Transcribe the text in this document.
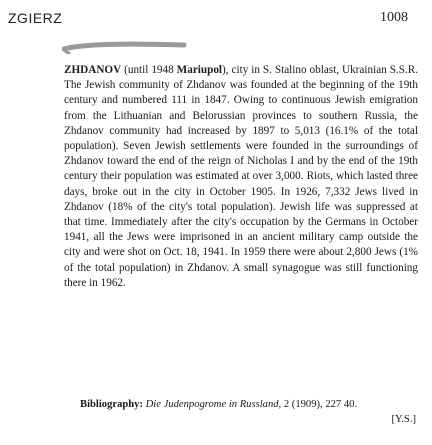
ZGIERZ	1008

ZHDANOV (until 1948 Mariupol), city in S. Stalino oblast, Ukrainian S.S.R. The Jewish community of Zhdanov was founded at the beginning of the 19th century and numbered 111 in 1847. Owing to continuous Jewish emigration from the Lithuanian and Belorussian provinces to southern Russia, the Zhdanov community had increased by 1897 to 5,013 (16.1% of the total population). Seven Jewish settlements were founded in the surroundings of Zhdanov toward the end of the reign of Nicholas I and by the end of the 19th century their population was estimated at over 3,000. Riots, which lasted three days, broke out in the city in October 1905. In 1926, 7,332 Jews lived in Zhdanov (18% of the city's total population). Jewish life was suppressed at that time. Immediately after the city's occupation by the Germans in October 1941, all the Jews were imprisoned in an ancient military camp outside the city and were shot on Oct. 18, 1941. In 1959 there were about 2,800 Jews (1% of the total population) in Zhdanov. A small synagogue was still functioning there in 1962.

Bibliography: Die Judenpogrome in Russland, 2 (1909), 227 40.
[Y.S.]
